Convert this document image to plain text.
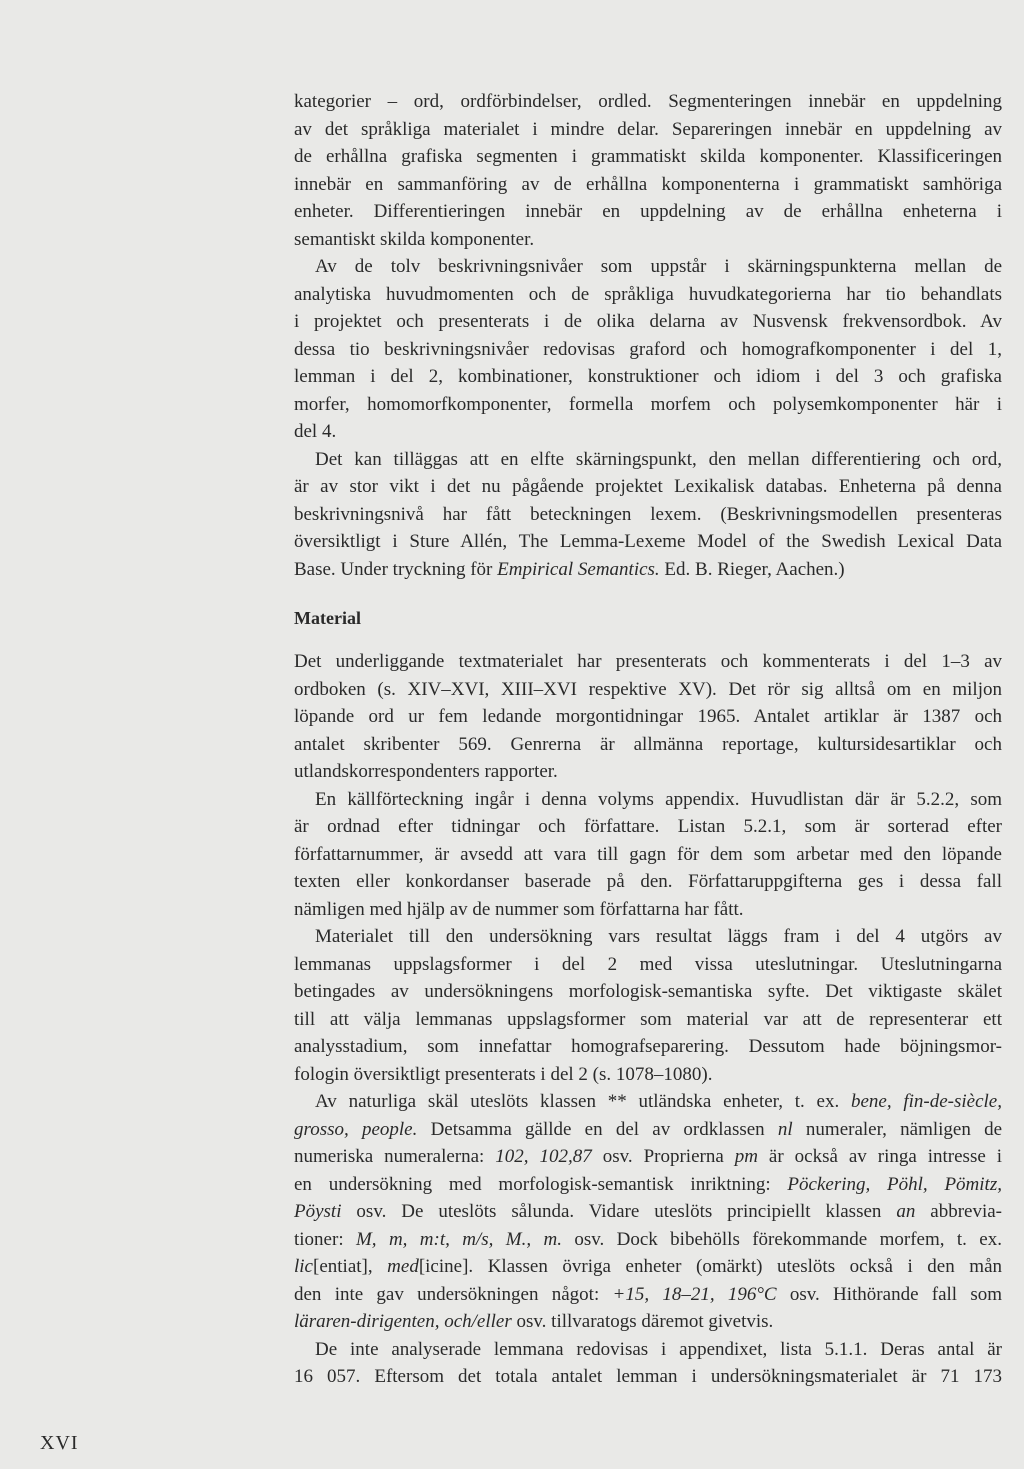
kategorier – ord, ordförbindelser, ordled. Segmenteringen innebär en uppdelning
av det språkliga materialet i mindre delar. Separeringen innebär en uppdelning av
de erhållna grafiska segmenten i grammatiskt skilda komponenter. Klassificeringen
innebär en sammanföring av de erhållna komponenterna i grammatiskt samhöriga
enheter. Differentieringen innebär en uppdelning av de erhållna enheterna i
semantiskt skilda komponenter.
Av de tolv beskrivningsnivåer som uppstår i skärningspunkterna mellan de
analytiska huvudmomenten och de språkliga huvudkategorierna har tio behandlats
i projektet och presenterats i de olika delarna av Nusvensk frekvensordbok. Av
dessa tio beskrivningsnivåer redovisas graford och homografkomponenter i del 1,
lemman i del 2, kombinationer, konstruktioner och idiom i del 3 och grafiska
morfer, homomorfkomponenter, formella morfem och polysemkomponenter här i
del 4.
Det kan tilläggas att en elfte skärningspunkt, den mellan differentiering och ord,
är av stor vikt i det nu pågående projektet Lexikalisk databas. Enheterna på denna
beskrivningsnivå har fått beteckningen lexem. (Beskrivningsmodellen presenteras
översiktligt i Sture Allén, The Lemma-Lexeme Model of the Swedish Lexical Data
Base. Under tryckning för Empirical Semantics. Ed. B. Rieger, Aachen.)
Material
Det underliggande textmaterialet har presenterats och kommenterats i del 1–3 av
ordboken (s. XIV–XVI, XIII–XVI respektive XV). Det rör sig alltså om en miljon
löpande ord ur fem ledande morgontidningar 1965. Antalet artiklar är 1387 och
antalet skribenter 569. Genrerna är allmänna reportage, kultursidesartiklar och
utlandskorrespondenters rapporter.
En källförteckning ingår i denna volyms appendix. Huvudlistan där är 5.2.2, som
är ordnad efter tidningar och författare. Listan 5.2.1, som är sorterad efter
författarnummer, är avsedd att vara till gagn för dem som arbetar med den löpande
texten eller konkordanser baserade på den. Författaruppgifterna ges i dessa fall
nämligen med hjälp av de nummer som författarna har fått.
Materialet till den undersökning vars resultat läggs fram i del 4 utgörs av
lemmanas uppslagsformer i del 2 med vissa uteslutningar. Uteslutningarna
betingades av undersökningens morfologisk-semantiska syfte. Det viktigaste skälet
till att välja lemmanas uppslagsformer som material var att de representerar ett
analysstadium, som innefattar homografseparering. Dessutom hade böjningsmor-
fologin översiktligt presenterats i del 2 (s. 1078–1080).
Av naturliga skäl uteslöts klassen ** utländska enheter, t. ex. bene, fin-de-siècle,
grosso, people. Detsamma gällde en del av ordklassen nl numeraler, nämligen de
numeriska numeralerna: 102, 102,87 osv. Proprierna pm är också av ringa intresse i
en undersökning med morfologisk-semantisk inriktning: Pöckering, Pöhl, Pömitz,
Pöysti osv. De uteslöts sålunda. Vidare uteslöts principiellt klassen an abbrevia-
tioner: M, m, m:t, m/s, M., m. osv. Dock bibehölls förekommande morfem, t. ex.
lic[entiat], med[icine]. Klassen övriga enheter (omärkt) uteslöts också i den mån
den inte gav undersökningen något: +15, 18–21, 196°C osv. Hithörande fall som
läraren-dirigenten, och/eller osv. tillvaratogs däremot givetvis.
De inte analyserade lemmana redovisas i appendixet, lista 5.1.1. Deras antal är
16 057. Eftersom det totala antalet lemman i undersökningsmaterialet är 71 173
XVI
